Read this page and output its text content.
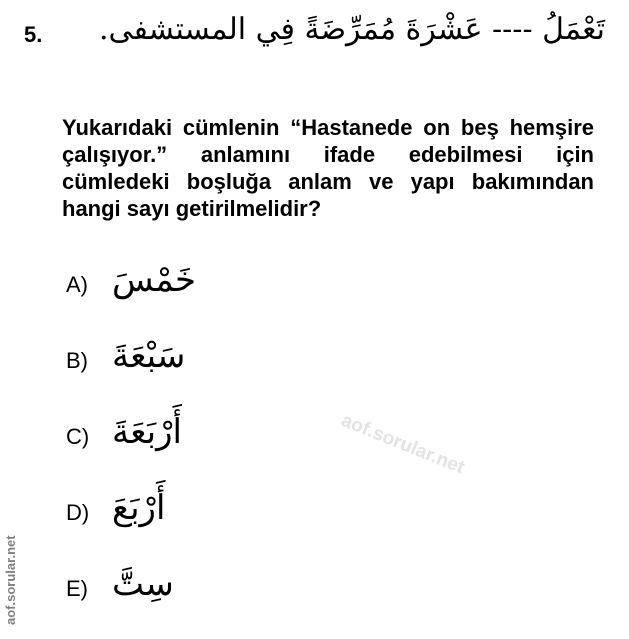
5.	تَعْمَلُ ---- عَشْرَةَ مُمَرِّضَةً فِي المستشفى.
Yukarıdaki cümlenin “Hastanede on beş hemşire çalışıyor.” anlamını ifade edebilmesi için cümledeki boşluğa anlam ve yapı bakımından hangi sayı getirilmelidir?
A) خَمْسَ
B) سَبْعَةَ
C) أَرْبَعَةَ
D) أَرْبَعَ
E) سِتَّ
aof.sorular.net
aof.sorular.net
